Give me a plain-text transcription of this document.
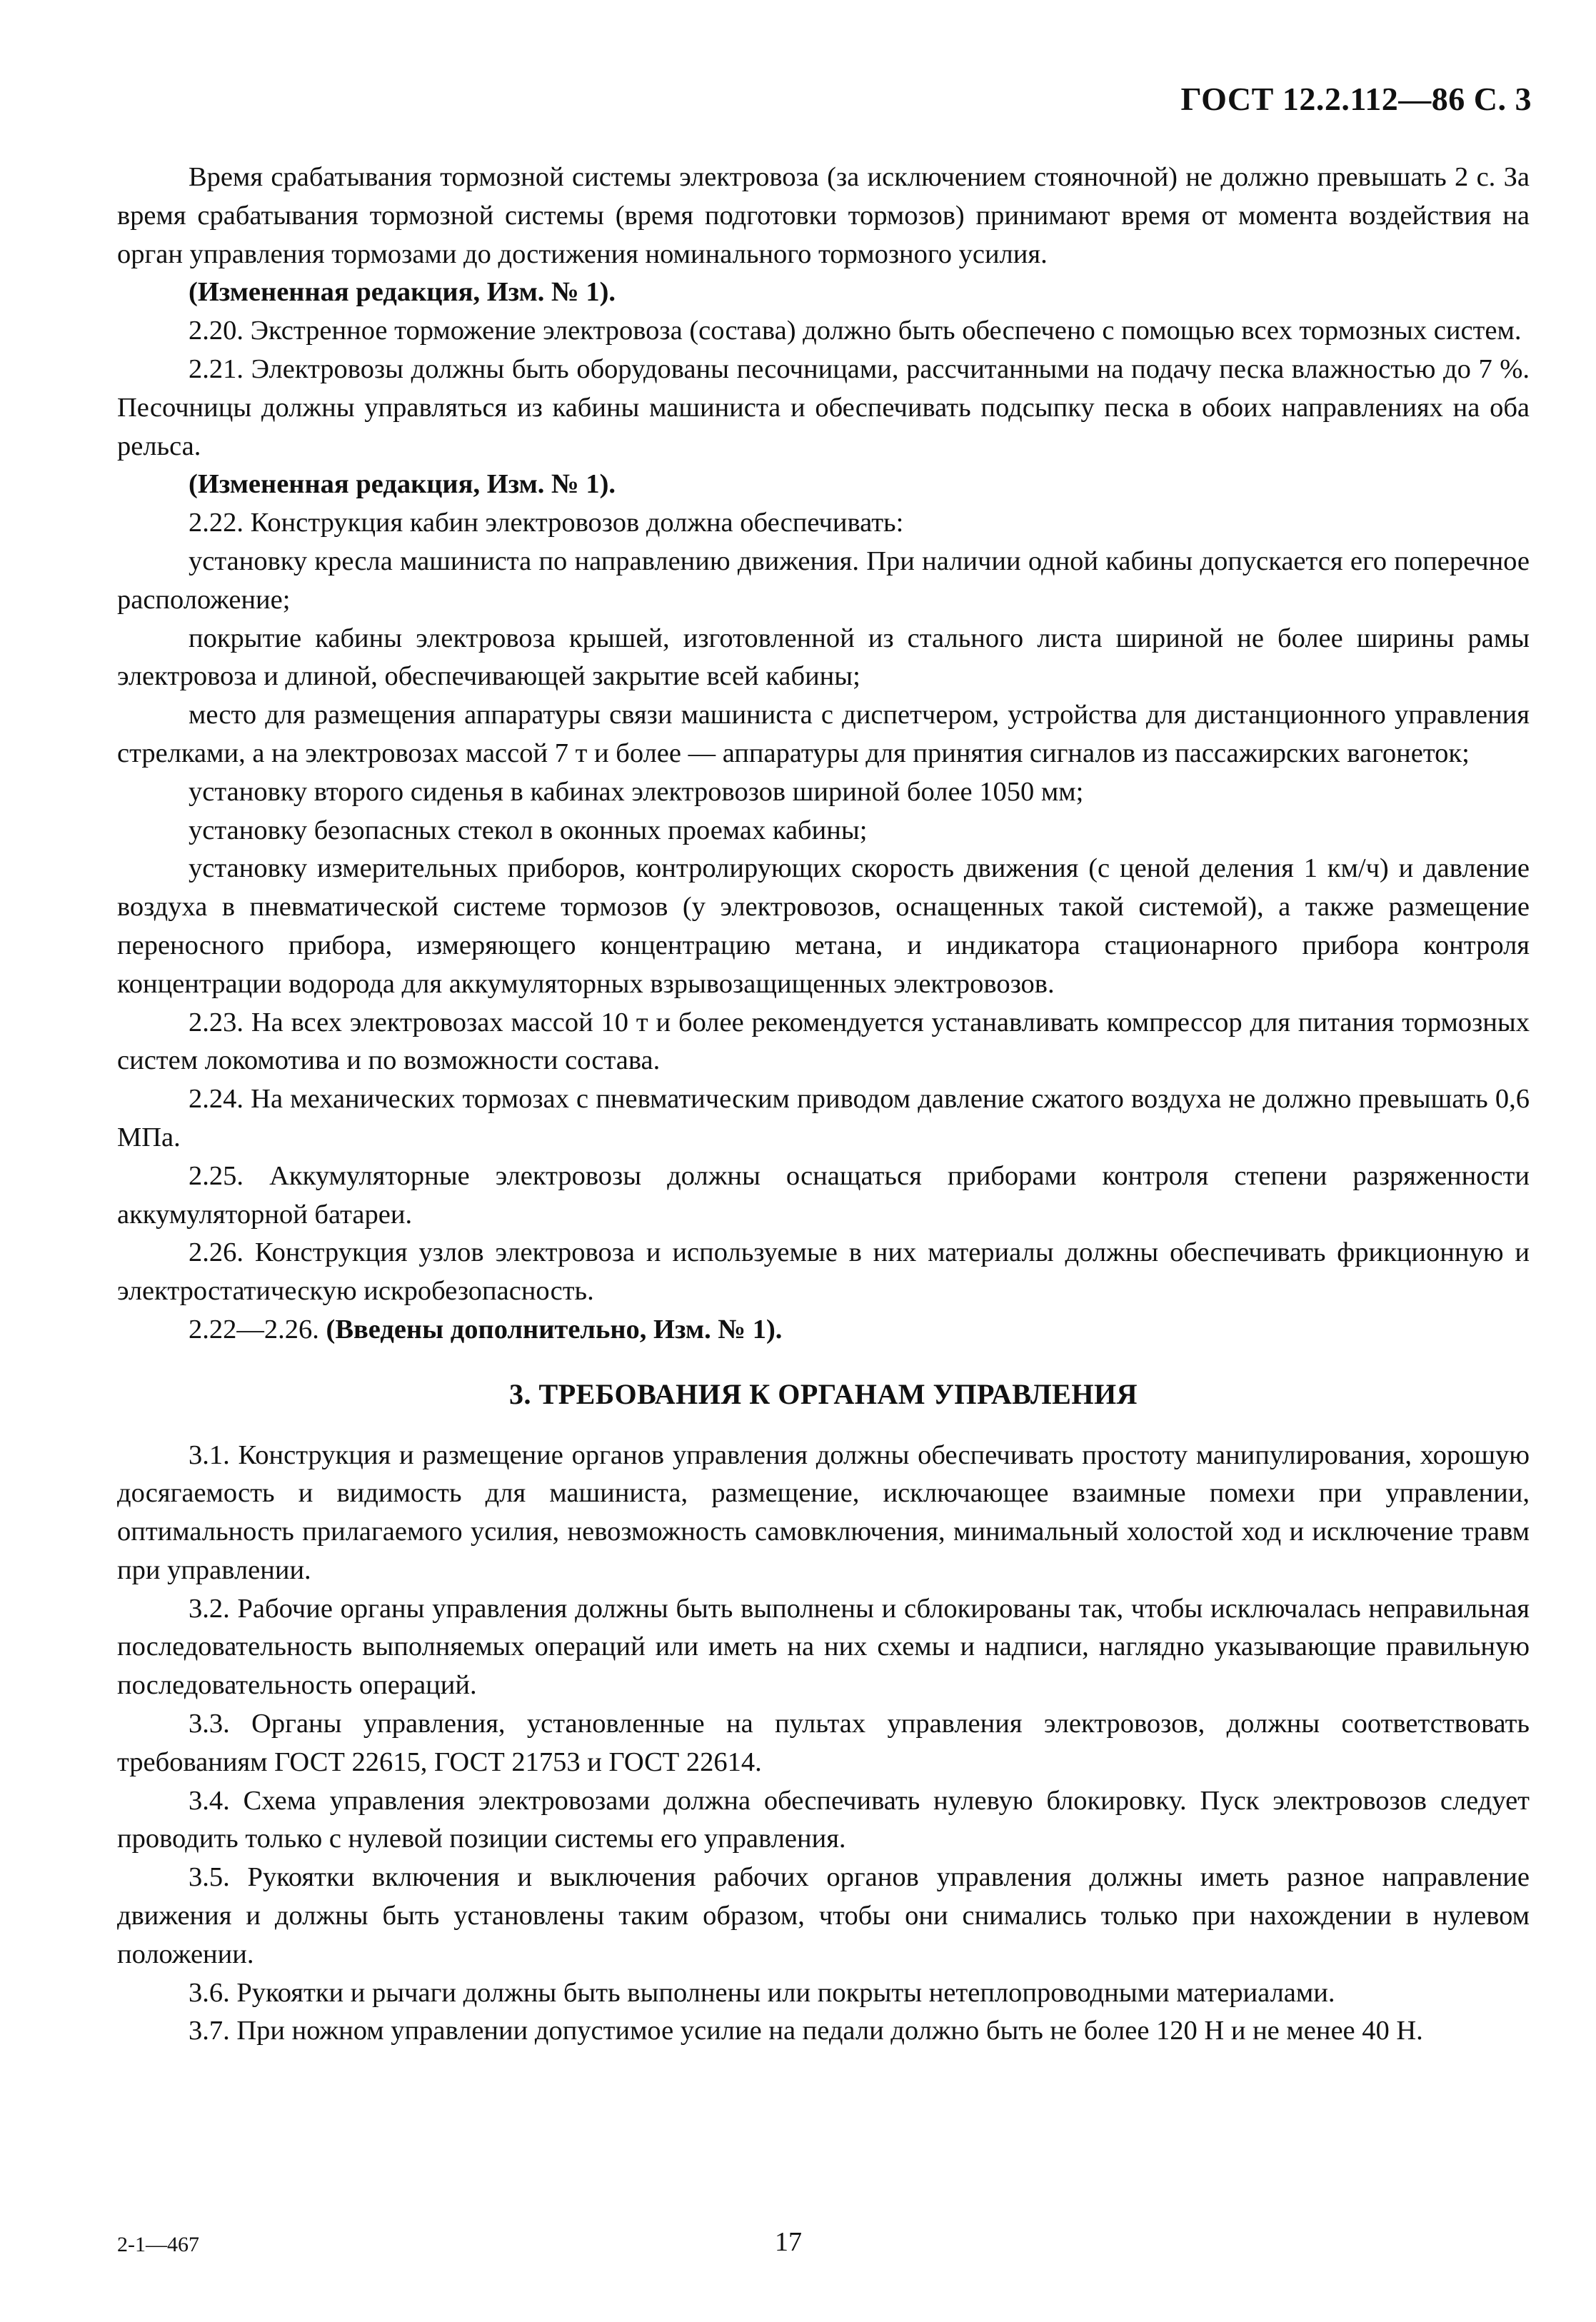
ГОСТ 12.2.112—86 С. 3

Время срабатывания тормозной системы электровоза (за исключением стояночной) не должно превышать 2 с. За время срабатывания тормозной системы (время подготовки тормозов) принимают время от момента воздействия на орган управления тормозами до достижения номинального тормозного усилия.

(Измененная редакция, Изм. № 1).

2.20. Экстренное торможение электровоза (состава) должно быть обеспечено с помощью всех тормозных систем.

2.21. Электровозы должны быть оборудованы песочницами, рассчитанными на подачу песка влажностью до 7 %. Песочницы должны управляться из кабины машиниста и обеспечивать подсыпку песка в обоих направлениях на оба рельса.

(Измененная редакция, Изм. № 1).

2.22. Конструкция кабин электровозов должна обеспечивать:

установку кресла машиниста по направлению движения. При наличии одной кабины допускается его поперечное расположение;

покрытие кабины электровоза крышей, изготовленной из стального листа шириной не более ширины рамы электровоза и длиной, обеспечивающей закрытие всей кабины;

место для размещения аппаратуры связи машиниста с диспетчером, устройства для дистанционного управления стрелками, а на электровозах массой 7 т и более — аппаратуры для принятия сигналов из пассажирских вагонеток;

установку второго сиденья в кабинах электровозов шириной более 1050 мм;

установку безопасных стекол в оконных проемах кабины;

установку измерительных приборов, контролирующих скорость движения (с ценой деления 1 км/ч) и давление воздуха в пневматической системе тормозов (у электровозов, оснащенных такой системой), а также размещение переносного прибора, измеряющего концентрацию метана, и индикатора стационарного прибора контроля концентрации водорода для аккумуляторных взрывозащищенных электровозов.

2.23. На всех электровозах массой 10 т и более рекомендуется устанавливать компрессор для питания тормозных систем локомотива и по возможности состава.

2.24. На механических тормозах с пневматическим приводом давление сжатого воздуха не должно превышать 0,6 МПа.

2.25. Аккумуляторные электровозы должны оснащаться приборами контроля степени разряженности аккумуляторной батареи.

2.26. Конструкция узлов электровоза и используемые в них материалы должны обеспечивать фрикционную и электростатическую искробезопасность.

2.22—2.26. (Введены дополнительно, Изм. № 1).

3. ТРЕБОВАНИЯ К ОРГАНАМ УПРАВЛЕНИЯ

3.1. Конструкция и размещение органов управления должны обеспечивать простоту манипулирования, хорошую досягаемость и видимость для машиниста, размещение, исключающее взаимные помехи при управлении, оптимальность прилагаемого усилия, невозможность самовключения, минимальный холостой ход и исключение травм при управлении.

3.2. Рабочие органы управления должны быть выполнены и сблокированы так, чтобы исключалась неправильная последовательность выполняемых операций или иметь на них схемы и надписи, наглядно указывающие правильную последовательность операций.

3.3. Органы управления, установленные на пультах управления электровозов, должны соответствовать требованиям ГОСТ 22615, ГОСТ 21753 и ГОСТ 22614.

3.4. Схема управления электровозами должна обеспечивать нулевую блокировку. Пуск электровозов следует проводить только с нулевой позиции системы его управления.

3.5. Рукоятки включения и выключения рабочих органов управления должны иметь разное направление движения и должны быть установлены таким образом, чтобы они снимались только при нахождении в нулевом положении.

3.6. Рукоятки и рычаги должны быть выполнены или покрыты нетеплопроводными материалами.

3.7. При ножном управлении допустимое усилие на педали должно быть не более 120 Н и не менее 40 Н.

2-1—467	17
